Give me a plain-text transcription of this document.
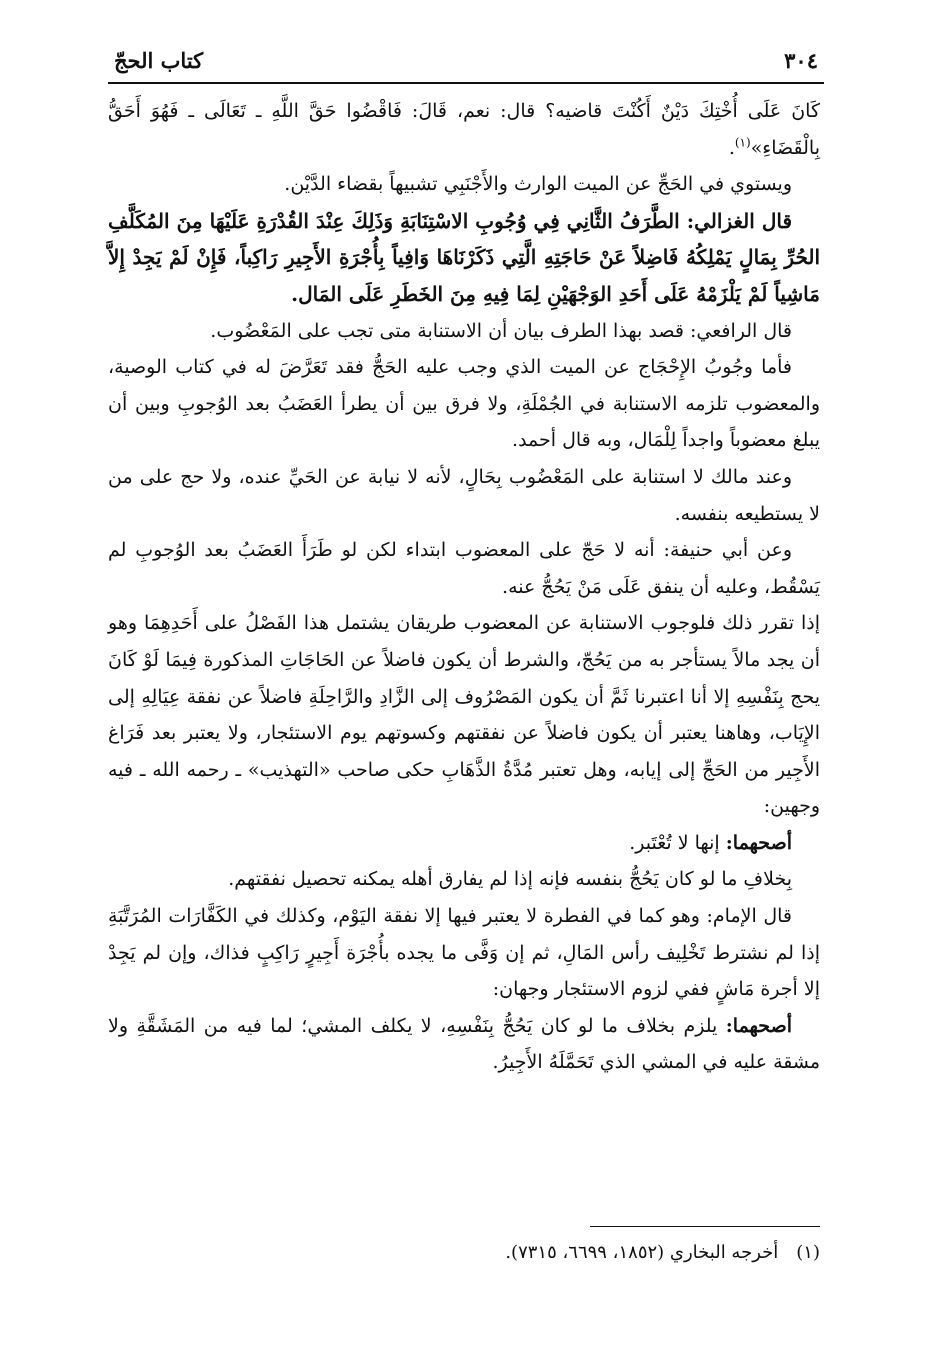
٣٠٤
كتاب الحجّ

كَانَ عَلَى أُخْتِكَ دَيْنٌ أَكُنْتَ قاضيه؟ قال: نعم، قَالَ: فَاقْضُوا حَقَّ اللَّهِ ـ تَعَالَى ـ فَهُوَ أَحَقُّ بِالْقَضَاءِ»$^{(١)}$.

ويستوي في الحَجِّ عن الميت الوارث والأَجْنَبِي تشبيهاً بقضاء الدَّيْن.

قال الغزالي: الطَّرَفُ الثَّانِي فِي وُجُوبِ الاسْتِنَابَةِ وَذَلِكَ عِنْدَ القُدْرَةِ عَلَيْهَا مِنَ المُكَلَّفِ الحُرِّ بِمَالٍ يَمْلِكُهُ فَاضِلاً عَنْ حَاجَتِهِ الَّتِي ذَكَرْنَاهَا وَافِياً بِأُجْرَةِ الأَجِيرِ رَاكِباً، فَإِنْ لَمْ يَجِدْ إِلاَّ مَاشِياً لَمْ يَلْزَمْهُ عَلَى أَحَدِ الوَجْهَيْنِ لِمَا فِيهِ مِنَ الخَطَرِ عَلَى المَال.

قال الرافعي: قصد بهذا الطرف بيان أن الاستنابة متى تجب على المَعْضُوب.

فأما وجُوبُ الإِحْجَاج عن الميت الذي وجب عليه الحَجُّ فقد تَعَرَّضَ له في كتاب الوصية، والمعضوب تلزمه الاستنابة في الجُمْلَةِ، ولا فرق بين أن يطرأ العَضَبُ بعد الوُجوبِ وبين أن يبلغ معضوباً واجداً لِلْمَال، وبه قال أحمد.

وعند مالك لا استنابة على المَعْضُوب بِحَالٍ، لأنه لا نيابة عن الحَيِّ عنده، ولا حج على من لا يستطيعه بنفسه.

وعن أبي حنيفة: أنه لا حَجّ على المعضوب ابتداء لكن لو طَرَأَ العَضَبُ بعد الوُجوبِ لم يَسْقُط، وعليه أن ينفق عَلَى مَنْ يَحُجُّ عنه.

إذا تقرر ذلك فلوجوب الاستنابة عن المعضوب طريقان يشتمل هذا الفَصْلُ على أَحَدِهِمَا وهو أن يجد مالاً يستأجر به من يَحُجّ، والشرط أن يكون فاضلاً عن الحَاجَاتِ المذكورة فِيمَا لَوْ كَانَ يحج بِنَفْسِهِ إلا أنا اعتبرنا ثَمَّ أن يكون المَصْرُوف إلى الزَّادِ والرَّاحِلَةِ فاضلاً عن نفقة عِيَالِهِ إلى الإِيَاب، وهاهنا يعتبر أن يكون فاضلاً عن نفقتهم وكسوتهم يوم الاستئجار، ولا يعتبر بعد فَرَاغ الأَجِير من الحَجِّ إلى إيابه، وهل تعتبر مُدَّةُ الذَّهَابِ حكى صاحب «التهذيب» ـ رحمه الله ـ فيه وجهين:

أصحهما: إنها لا تُعْتَبر.

بِخلافِ ما لو كان يَحُجُّ بنفسه فإنه إذا لم يفارق أهله يمكنه تحصيل نفقتهم.

قال الإمام: وهو كما في الفطرة لا يعتبر فيها إلا نفقة اليَوْم، وكذلك في الكَفَّارَات المُرَتَّبَةِ إذا لم نشترط تَخْلِيف رأس المَالِ، ثم إن وَفَّى ما يجده بأُجْرَة أَجِيرٍ رَاكِبٍ فذاك، وإن لم يَجِدْ إلا أجرة مَاشٍ ففي لزوم الاستئجار وجهان:

أصحهما: يلزم بخلاف ما لو كان يَحُجُّ بِنَفْسِهِ، لا يكلف المشي؛ لما فيه من المَشَقَّةِ ولا مشقة عليه في المشي الذي تَحَمَّلَهُ الأَجِيرُ.

(١)أخرجه البخاري (١٨٥٢، ٦٦٩٩، ٧٣١٥).
